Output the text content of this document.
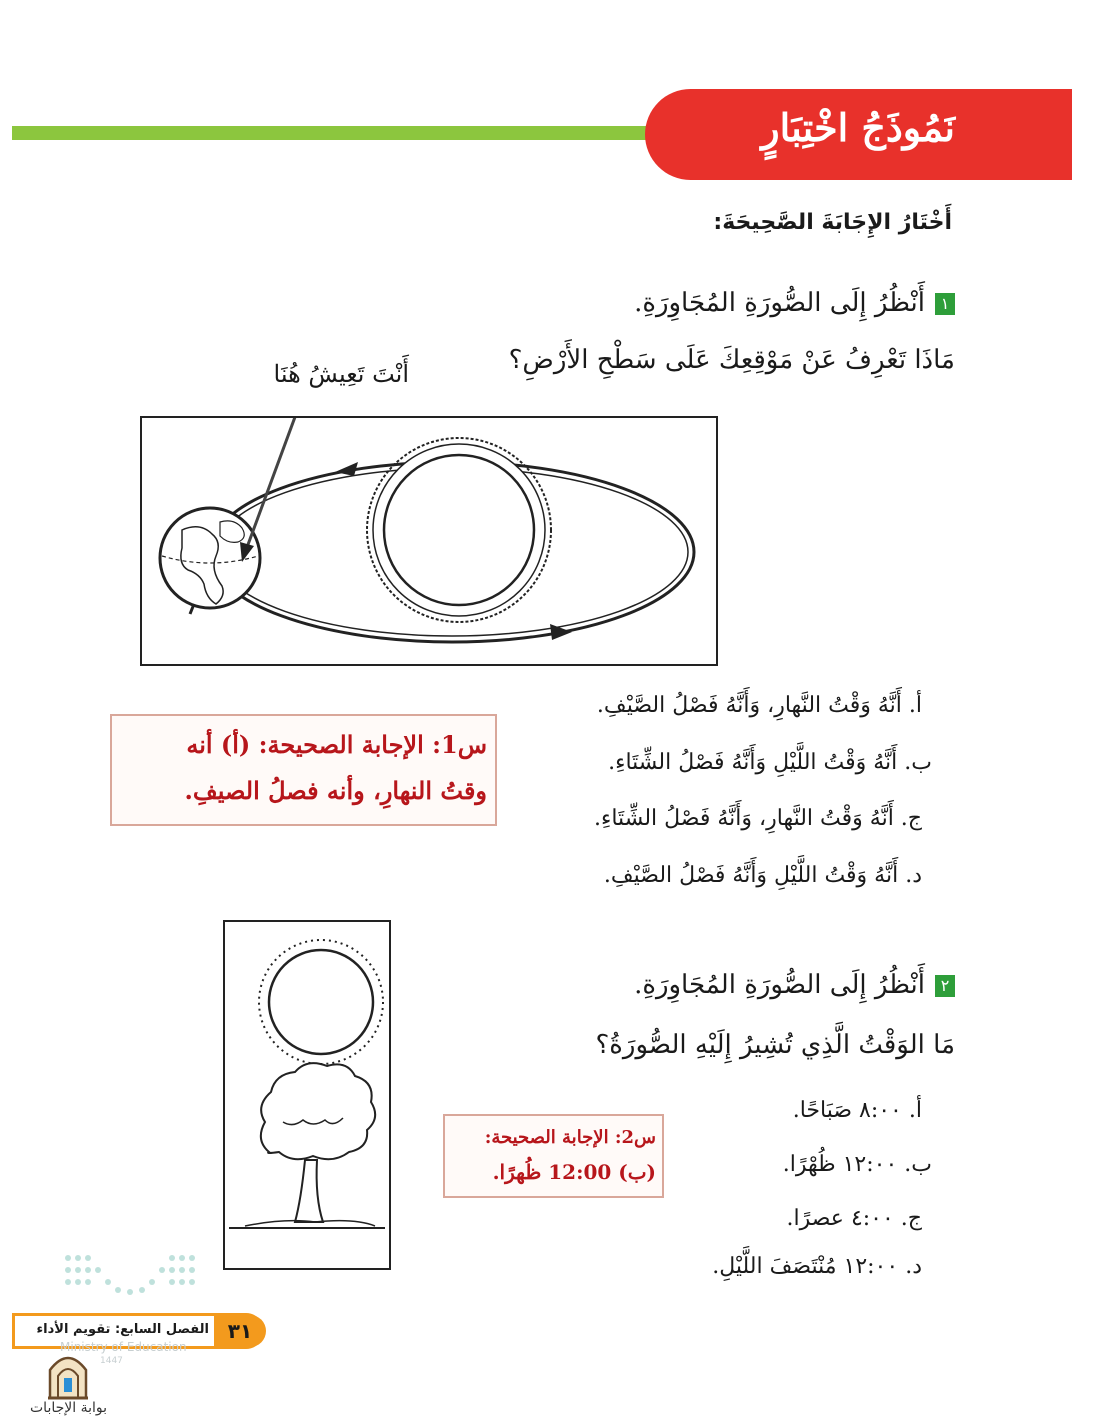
نَمُوذَجُ اخْتِبَارٍ
أَخْتَارُ الإِجَابَةَ الصَّحِيحَةَ:
١أَنْظُرُ إِلَى الصُّورَةِ المُجَاوِرَةِ.
مَاذَا تَعْرِفُ عَنْ مَوْقِعِكَ عَلَى سَطْحِ الأَرْضِ؟
أَنْتَ تَعِيشُ هُنَا
أ. أَنَّهُ وَقْتُ النَّهارِ، وَأَنَّهُ فَصْلُ الصَّيْفِ.
ب. أَنَّهُ وَقْتُ اللَّيْلِ وَأَنَّهُ فَصْلُ الشِّتَاءِ.
ج. أَنَّهُ وَقْتُ النَّهارِ، وَأَنَّهُ فَصْلُ الشِّتَاءِ.
د. أَنَّهُ وَقْتُ اللَّيْلِ وَأَنَّهُ فَصْلُ الصَّيْفِ.
س1: الإجابة الصحيحة: (أ) أنه
وقتُ النهارِ، وأنه فصلُ الصيفِ.
٢أَنْظُرُ إِلَى الصُّورَةِ المُجَاوِرَةِ.
مَا الوَقْتُ الَّذِي تُشِيرُ إِلَيْهِ الصُّورَةُ؟
أ. ٨:٠٠ صَبَاحًا.
ب. ١٢:٠٠ ظُهْرًا.
ج. ٤:٠٠ عصرًا.
د. ١٢:٠٠ مُنْتَصَفَ اللَّيْلِ.
س2: الإجابة الصحيحة:
(ب) 12:00 ظُهرًا.
٣١
الفصل السابع: تقويم الأداء
Ministry of Education
1447
بوابة الإجابات
